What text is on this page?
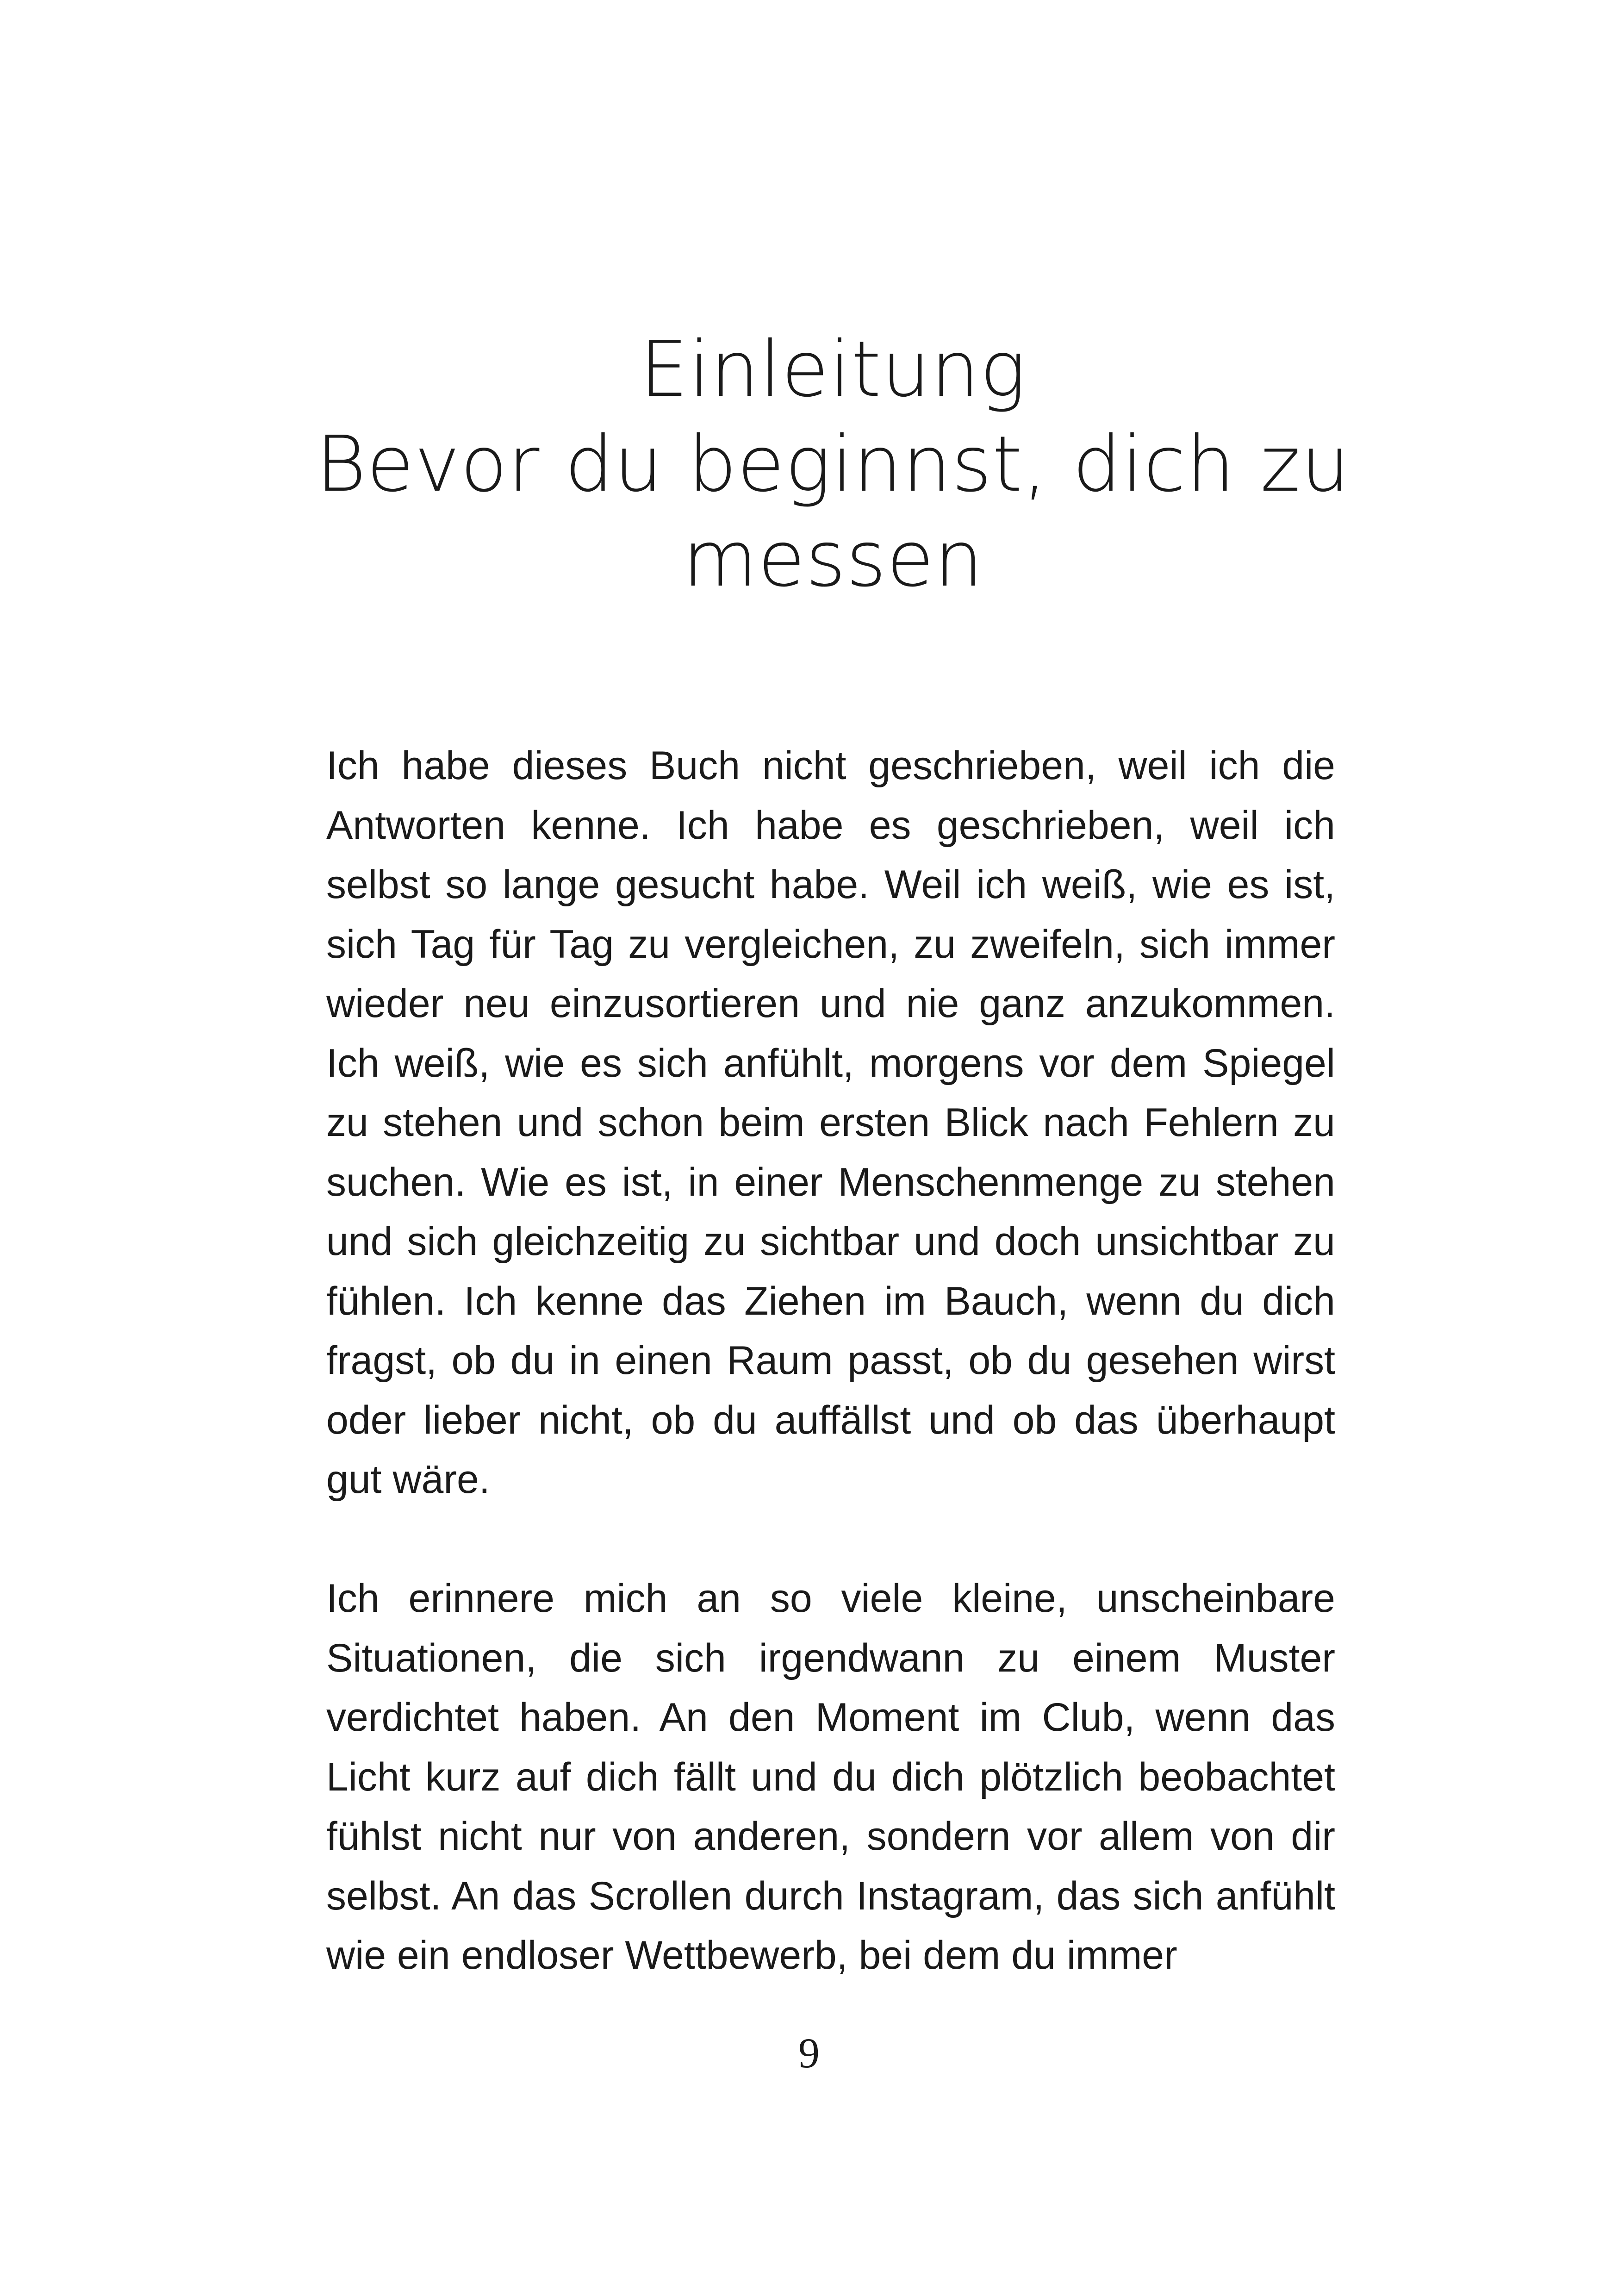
Einleitung
Bevor du beginnst, dich zu
messen

Ich habe dieses Buch nicht geschrieben, weil ich die Antworten kenne. Ich habe es geschrieben, weil ich selbst so lange gesucht habe. Weil ich weiß, wie es ist, sich Tag für Tag zu vergleichen, zu zweifeln, sich immer wieder neu einzusortieren und nie ganz anzukommen. Ich weiß, wie es sich anfühlt, morgens vor dem Spiegel zu stehen und schon beim ersten Blick nach Fehlern zu suchen. Wie es ist, in einer Menschenmenge zu stehen und sich gleichzeitig zu sichtbar und doch unsichtbar zu fühlen. Ich kenne das Ziehen im Bauch, wenn du dich fragst, ob du in einen Raum passt, ob du gesehen wirst oder lieber nicht, ob du auffällst und ob das überhaupt gut wäre.

Ich erinnere mich an so viele kleine, unscheinbare Situationen, die sich irgendwann zu einem Muster verdichtet haben. An den Moment im Club, wenn das Licht kurz auf dich fällt und du dich plötzlich beobachtet fühlst nicht nur von anderen, sondern vor allem von dir selbst. An das Scrollen durch Instagram, das sich anfühlt wie ein endloser Wettbewerb, bei dem du immer

9
